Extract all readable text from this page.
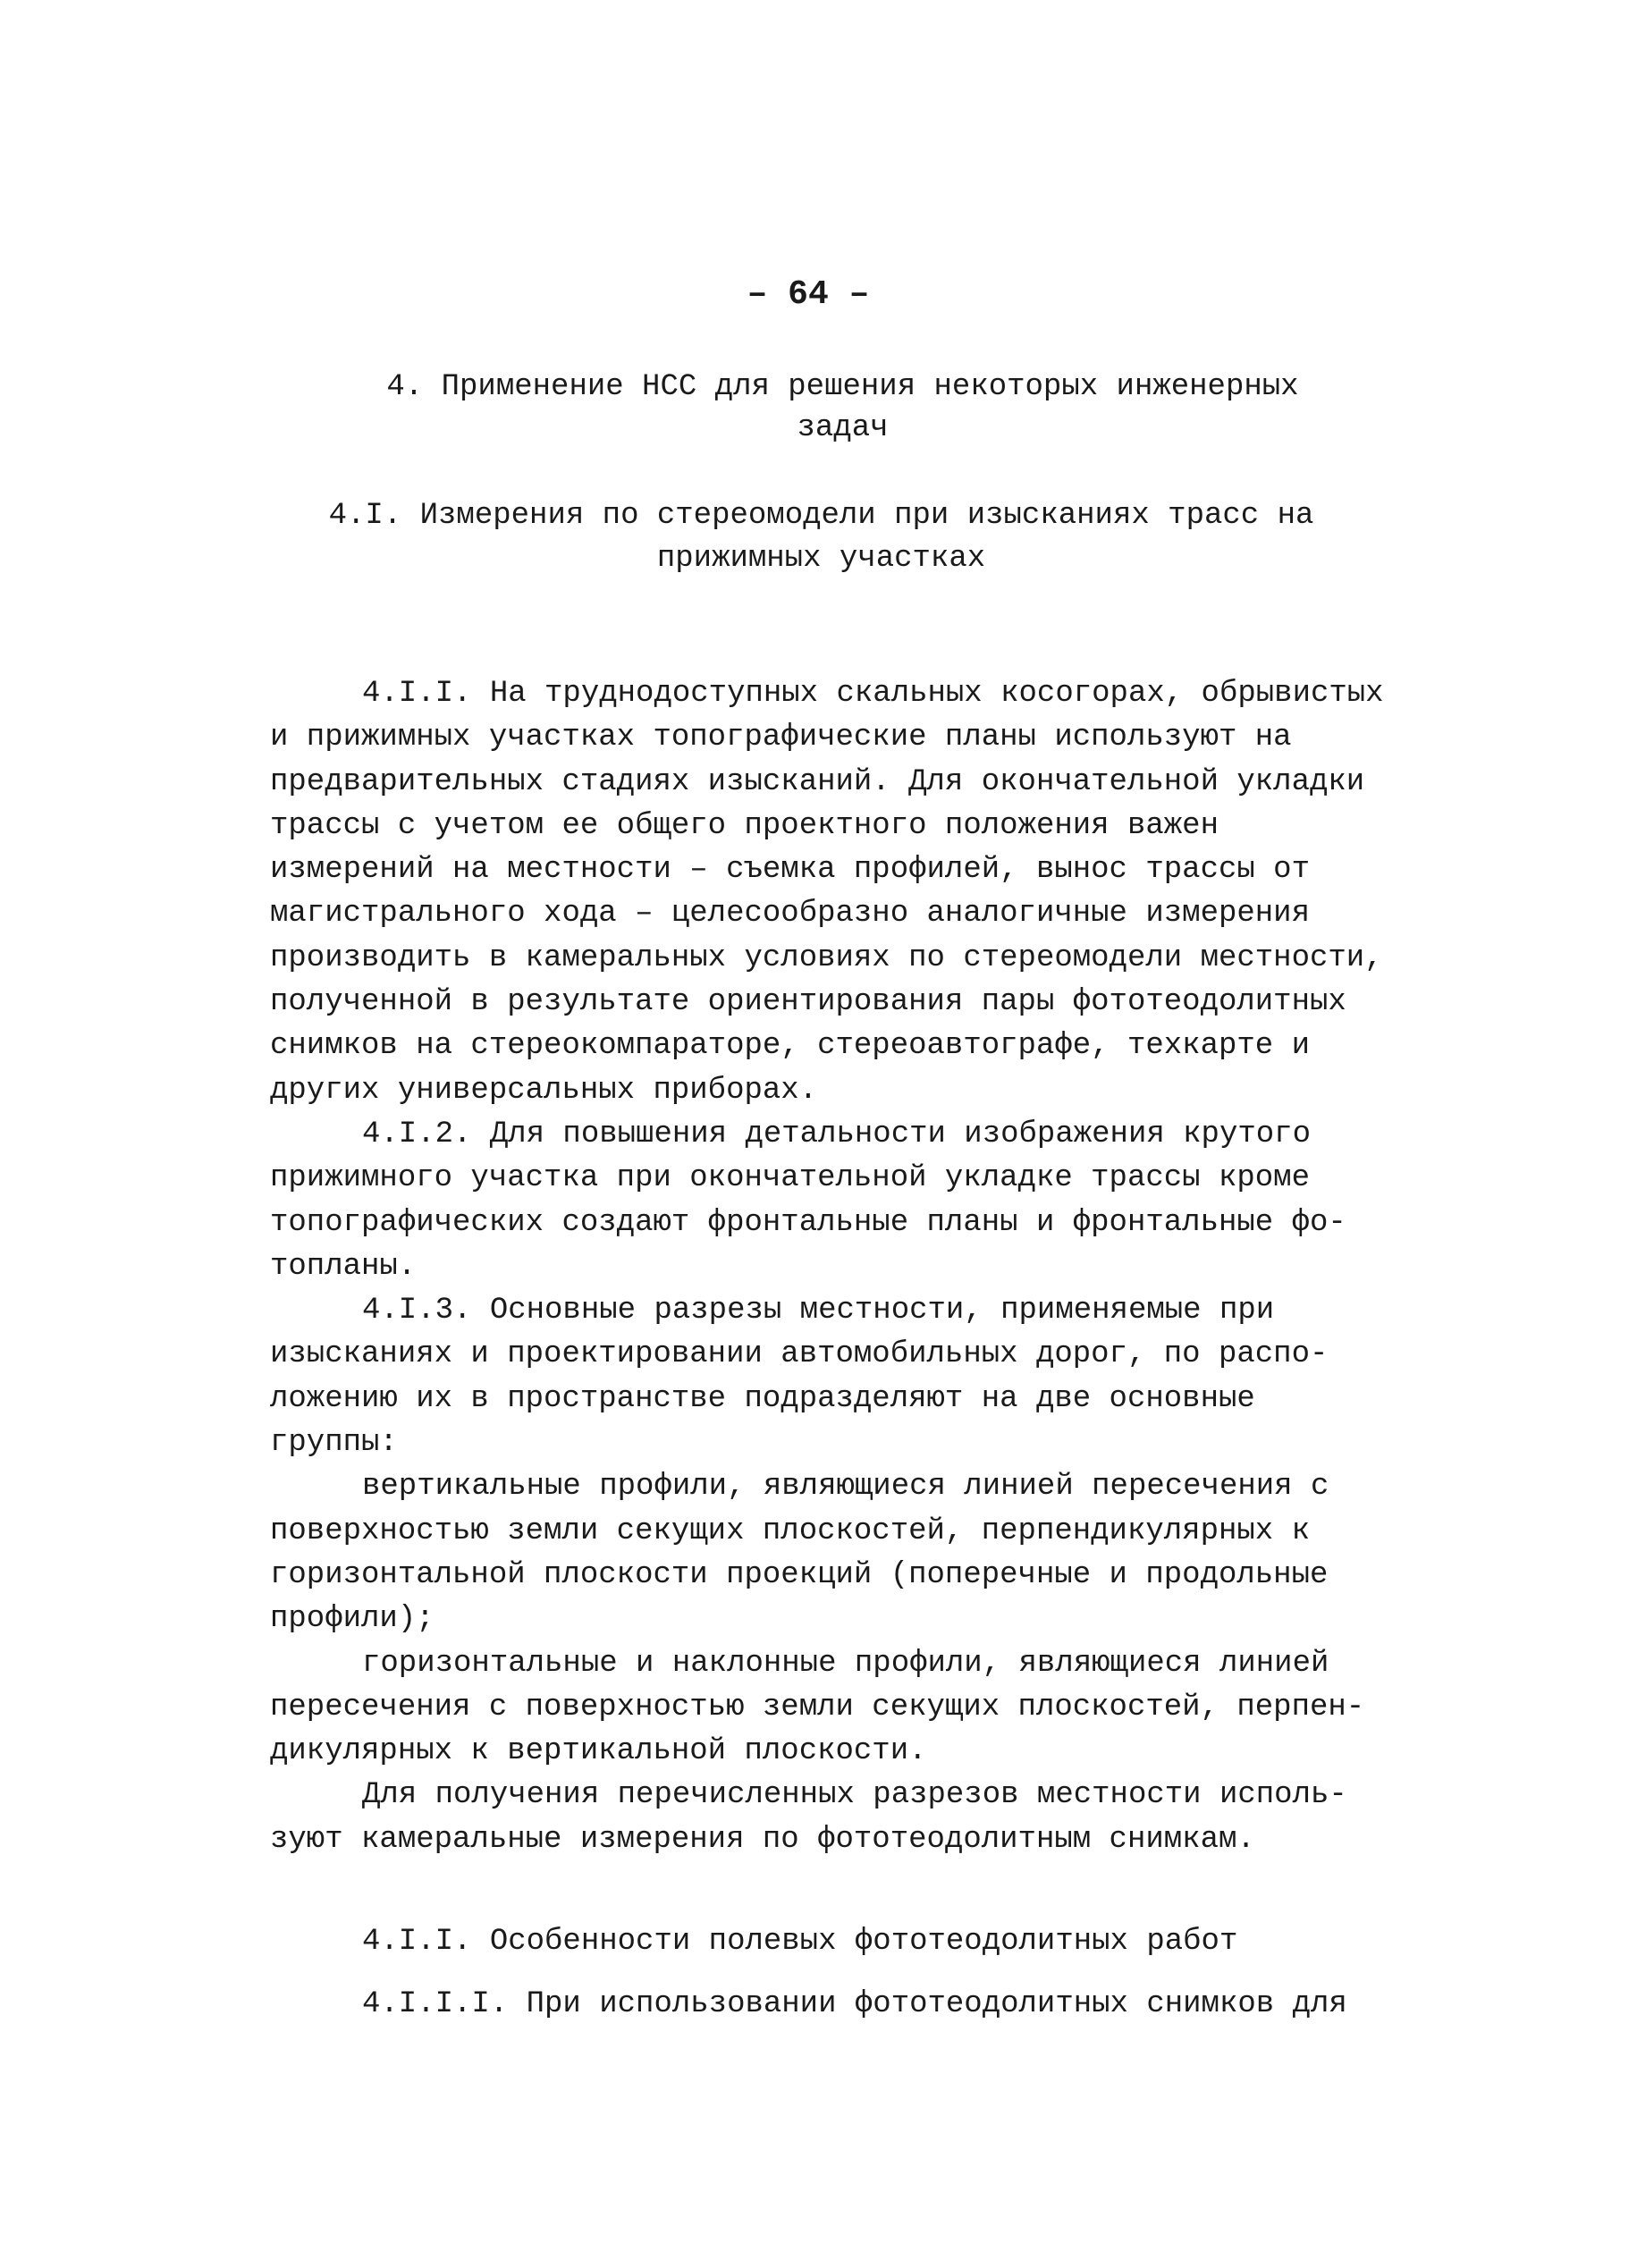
– 64 –
4. Применение НСС для решения некоторых инженерных
задач
4.I. Измерения по стереомодели при изысканиях трасс на
прижимных участках
4.I.I. На труднодоступных скальных косогорах, обрывистых
и прижимных участках топографические планы используют на
предварительных стадиях изысканий. Для окончательной укладки
трассы с учетом ее общего проектного положения важен
измерений на местности – съемка профилей, вынос трассы от
магистрального хода – целесообразно аналогичные измерения
производить в камеральных условиях по стереомодели местности,
полученной в результате ориентирования пары фототеодолитных
снимков на стереокомпараторе, стереоавтографе, техкарте и
других универсальных приборах.
4.I.2. Для повышения детальности изображения крутого
прижимного участка при окончательной укладке трассы кроме
топографических создают фронтальные планы и фронтальные фо-
топланы.
4.I.3. Основные разрезы местности, применяемые при
изысканиях и проектировании автомобильных дорог, по распо-
ложению их в пространстве подразделяют на две основные
группы:
вертикальные профили, являющиеся линией пересечения с
поверхностью земли секущих плоскостей, перпендикулярных к
горизонтальной плоскости проекций (поперечные и продольные
профили);
горизонтальные и наклонные профили, являющиеся линией
пересечения с поверхностью земли секущих плоскостей, перпен-
дикулярных к вертикальной плоскости.
Для получения перечисленных разрезов местности исполь-
зуют камеральные измерения по фототеодолитным снимкам.
4.I.I. Особенности полевых фототеодолитных работ
4.I.I.I. При использовании фототеодолитных снимков для
